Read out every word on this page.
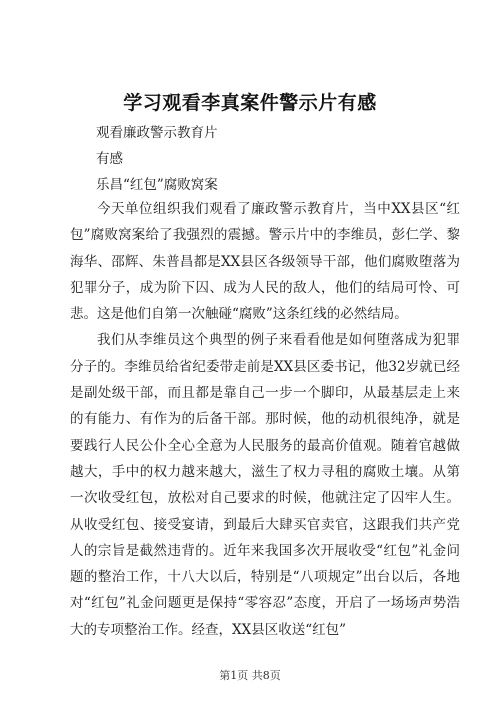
学习观看李真案件警示片有感
观看廉政警示教育片
有感
乐昌“红包”腐败窝案

今天单位组织我们观看了廉政警示教育片，当中XX县区“红包”腐败窝案给了我强烈的震撼。警示片中的李维员，彭仁学、黎海华、邵辉、朱普昌都是XX县区各级领导干部，他们腐败堕落为犯罪分子，成为阶下囚、成为人民的敌人，他们的结局可怜、可悲。这是他们自第一次触碰“腐败”这条红线的必然结局。

我们从李维员这个典型的例子来看看他是如何堕落成为犯罪分子的。李维员给省纪委带走前是XX县区委书记，他32岁就已经是副处级干部，而且都是靠自己一步一个脚印，从最基层走上来的有能力、有作为的后备干部。那时候，他的动机很纯净，就是要践行人民公仆全心全意为人民服务的最高价值观。随着官越做越大，手中的权力越来越大，滋生了权力寻租的腐败土壤。从第一次收受红包，放松对自己要求的时候，他就注定了囚牢人生。从收受红包、接受宴请，到最后大肆买官卖官，这跟我们共产党人的宗旨是截然违背的。近年来我国多次开展收受“红包”礼金问题的整治工作，十八大以后，特别是“八项规定”出台以后，各地对“红包”礼金问题更是保持“零容忍”态度，开启了一场场声势浩大的专项整治工作。经查，XX县区收送“红包”

第1页 共8页
